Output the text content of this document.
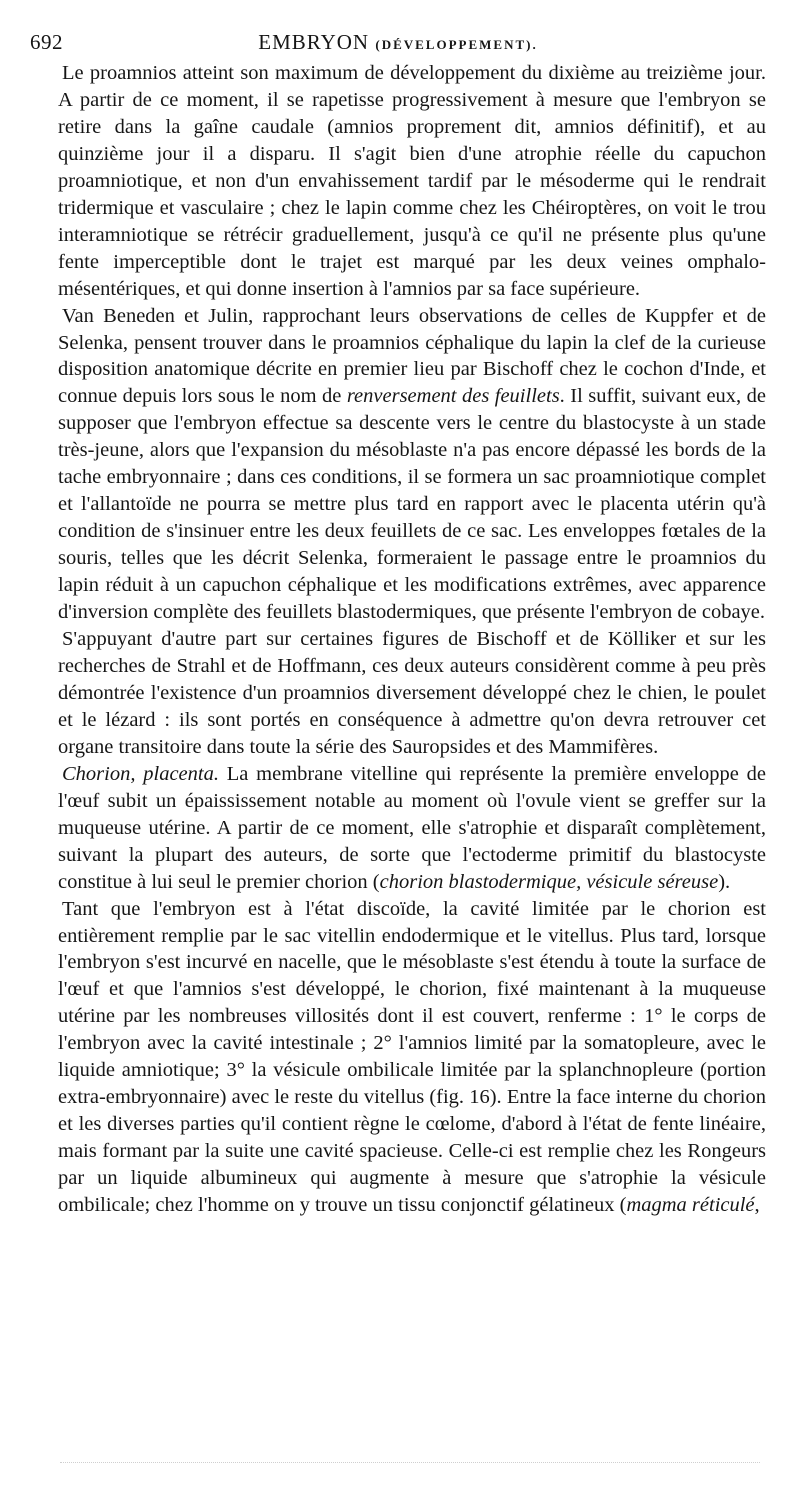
692	EMBRYON (DÉVELOPPEMENT).

Le proamnios atteint son maximum de développement du dixième au treizième jour. A partir de ce moment, il se rapetisse progressivement à mesure que l'embryon se retire dans la gaîne caudale (amnios proprement dit, amnios définitif), et au quinzième jour il a disparu. Il s'agit bien d'une atrophie réelle du capuchon proamniotique, et non d'un envahissement tardif par le mésoderme qui le rendrait tridermique et vasculaire ; chez le lapin comme chez les Chéiroptères, on voit le trou interamniotique se rétrécir graduellement, jusqu'à ce qu'il ne présente plus qu'une fente imperceptible dont le trajet est marqué par les deux veines omphalo-mésentériques, et qui donne insertion à l'amnios par sa face supérieure.

Van Beneden et Julin, rapprochant leurs observations de celles de Kuppfer et de Selenka, pensent trouver dans le proamnios céphalique du lapin la clef de la curieuse disposition anatomique décrite en premier lieu par Bischoff chez le cochon d'Inde, et connue depuis lors sous le nom de renversement des feuillets. Il suffit, suivant eux, de supposer que l'embryon effectue sa descente vers le centre du blastocyste à un stade très-jeune, alors que l'expansion du mésoblaste n'a pas encore dépassé les bords de la tache embryonnaire ; dans ces conditions, il se formera un sac proamniotique complet et l'allantoïde ne pourra se mettre plus tard en rapport avec le placenta utérin qu'à condition de s'insinuer entre les deux feuillets de ce sac. Les enveloppes fœtales de la souris, telles que les décrit Selenka, formeraient le passage entre le proamnios du lapin réduit à un capuchon céphalique et les modifications extrêmes, avec apparence d'inversion complète des feuillets blastodermiques, que présente l'embryon de cobaye.

S'appuyant d'autre part sur certaines figures de Bischoff et de Kölliker et sur les recherches de Strahl et de Hoffmann, ces deux auteurs considèrent comme à peu près démontrée l'existence d'un proamnios diversement développé chez le chien, le poulet et le lézard : ils sont portés en conséquence à admettre qu'on devra retrouver cet organe transitoire dans toute la série des Sauropsides et des Mammifères.

Chorion, placenta. La membrane vitelline qui représente la première enveloppe de l'œuf subit un épaississement notable au moment où l'ovule vient se greffer sur la muqueuse utérine. A partir de ce moment, elle s'atrophie et disparaît complètement, suivant la plupart des auteurs, de sorte que l'ectoderme primitif du blastocyste constitue à lui seul le premier chorion (chorion blastodermique, vésicule séreuse).

Tant que l'embryon est à l'état discoïde, la cavité limitée par le chorion est entièrement remplie par le sac vitellin endodermique et le vitellus. Plus tard, lorsque l'embryon s'est incurvé en nacelle, que le mésoblaste s'est étendu à toute la surface de l'œuf et que l'amnios s'est développé, le chorion, fixé maintenant à la muqueuse utérine par les nombreuses villosités dont il est couvert, renferme : 1° le corps de l'embryon avec la cavité intestinale ; 2° l'amnios limité par la somatopleure, avec le liquide amniotique; 3° la vésicule ombilicale limitée par la splanchnopleure (portion extra-embryonnaire) avec le reste du vitellus (fig. 16). Entre la face interne du chorion et les diverses parties qu'il contient règne le cœlome, d'abord à l'état de fente linéaire, mais formant par la suite une cavité spacieuse. Celle-ci est remplie chez les Rongeurs par un liquide albumineux qui augmente à mesure que s'atrophie la vésicule ombilicale; chez l'homme on y trouve un tissu conjonctif gélatineux (magma réticulé,
